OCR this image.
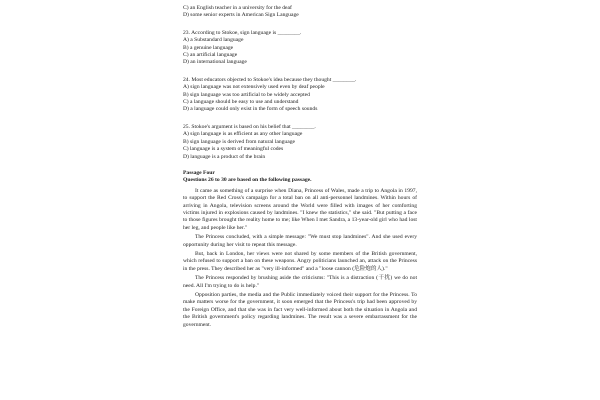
C) an English teacher in a university for the deaf
D) some senior experts in American Sign Language
23. According to Stokoe, sign language is ________.
A) a Substandard language
B) a genuine language
C) an artificial language
D) an international language
24. Most educators objected to Stokoe's idea because they thought ________.
A) sign language was not extensively used even by deaf people
B) sign language was too artificial to be widely accepted
C) a language should be easy to use and understand
D) a language could only exist in the form of speech sounds
25. Stokoe's argument is based on his belief that ________.
A) sign language is as efficient as any other language
B) sign language is derived from natural language
C) language is a system of meaningful codes
D) language is a product of the brain
Passage Four
Questions 26 to 30 are based on the following passage.

It came as something of a surprise when Diana, Princess of Wales, made a trip to Angola in 1997, to support the Red Cross's campaign for a total ban on all anti-personnel landmines. Within hours of arriving in Angola, television screens around the World were filled with images of her comforting victims injured in explosions caused by landmines. "I knew the statistics," she said. "But putting a face to those figures brought the reality home to me; like When I met Sandra, a 13-year-old girl who had lost her leg, and people like her."

The Princess concluded, with a simple message: "We must stop landmines". And she used every opportunity during her visit to repeat this message.

But, back in London, her views were not shared by some members of the British government, which refused to support a ban on these weapons. Angry politicians launched an, attack on the Princess in the press. They described her as "very ill-informed" and a "loose cannon (危险炮的人)."

The Princess responded by brushing aside the criticisms: "This is a distraction (干扰) we do not need. All I'm trying to do is help."

Opposition parties, the media and the Public immediately voiced their support for the Princess. To make matters worse for the government, it soon emerged that the Princess's trip had been approved by the Foreign Office, and that she was in fact very well-informed about both the situation in Angola and the British government's policy regarding landmines. The result was a severe embarrassment for the government.
